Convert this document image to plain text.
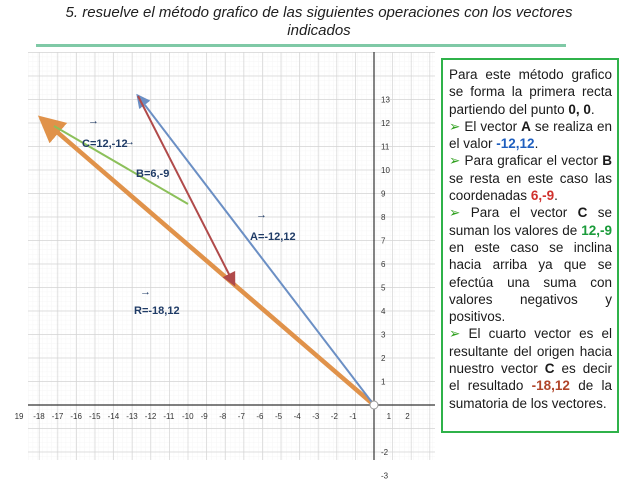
5. resuelve el método grafico de las siguientes operaciones con los vectores
indicados
19 -18 -17 -16 -15 -14 -13 -12 -11 -10 -9 -8 -7 -6 -5 -4 -3 -2 -1	1 2
13
12
11
10
9
8
7
6
5
4
3
2
1
-2
-3
→
C=12,-12
→
B=6,-9
→
A=-12,12
→
R=-18,12

Para este método grafico se forma la primera recta partiendo del punto 0, 0.

➢ El vector A se realiza en el valor -12,12.

➢ Para graficar el vector B se resta en este caso las coordenadas 6,-9.

➢ Para el vector C se suman los valores de 12,-9 en este caso se inclina hacia arriba ya que se efectúa una suma con valores negativos y positivos.

➢ El cuarto vector es el resultante del origen hacia nuestro vector C es decir el resultado -18,12 de la sumatoria de los vectores.
